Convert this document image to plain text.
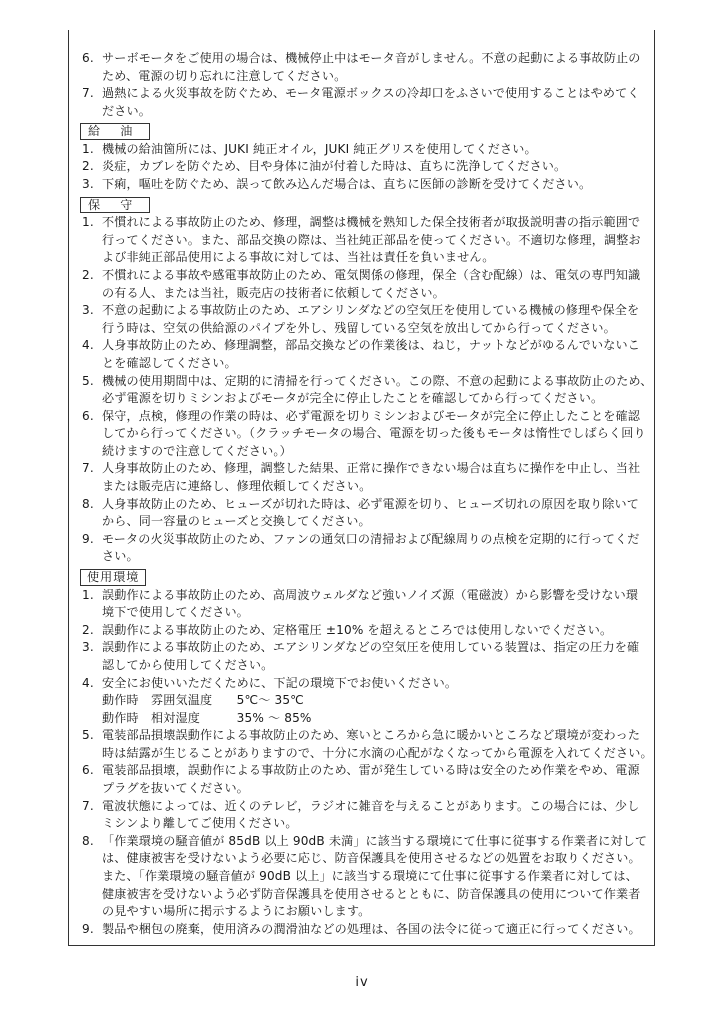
6. サーボモータをご使用の場合は、機械停止中はモータ音がしません。不意の起動による事故防止の
ため、電源の切り忘れに注意してください。
7. 過熱による火災事故を防ぐため、モータ電源ボックスの冷却口をふさいで使用することはやめてく
ださい。
給　油
1. 機械の給油箇所には、JUKI 純正オイル，JUKI 純正グリスを使用してください。
2. 炎症，カブレを防ぐため、目や身体に油が付着した時は、直ちに洗浄してください。
3. 下痢，嘔吐を防ぐため、誤って飲み込んだ場合は、直ちに医師の診断を受けてください。
保　守
1. 不慣れによる事故防止のため、修理，調整は機械を熟知した保全技術者が取扱説明書の指示範囲で
行ってください。また、部品交換の際は、当社純正部品を使ってください。不適切な修理，調整お
よび非純正部品使用による事故に対しては、当社は責任を負いません。
2. 不慣れによる事故や感電事故防止のため、電気関係の修理，保全（含む配線）は、電気の専門知識
の有る人、または当社，販売店の技術者に依頼してください。
3. 不意の起動による事故防止のため、エアシリンダなどの空気圧を使用している機械の修理や保全を
行う時は、空気の供給源のパイプを外し、残留している空気を放出してから行ってください。
4. 人身事故防止のため、修理調整，部品交換などの作業後は、ねじ，ナットなどがゆるんでいないこ
とを確認してください。
5. 機械の使用期間中は、定期的に清掃を行ってください。この際、不意の起動による事故防止のため、
必ず電源を切りミシンおよびモータが完全に停止したことを確認してから行ってください。
6. 保守，点検，修理の作業の時は、必ず電源を切りミシンおよびモータが完全に停止したことを確認
してから行ってください。（クラッチモータの場合、電源を切った後もモータは惰性でしばらく回り
続けますので注意してください。）
7. 人身事故防止のため、修理，調整した結果、正常に操作できない場合は直ちに操作を中止し、当社
または販売店に連絡し、修理依頼してください。
8. 人身事故防止のため、ヒューズが切れた時は、必ず電源を切り、ヒューズ切れの原因を取り除いて
から、同一容量のヒューズと交換してください。
9. モータの火災事故防止のため、ファンの通気口の清掃および配線周りの点検を定期的に行ってくだ
さい。
使用環境
1. 誤動作による事故防止のため、高周波ウェルダなど強いノイズ源（電磁波）から影響を受けない環
境下で使用してください。
2. 誤動作による事故防止のため、定格電圧 ±10% を超えるところでは使用しないでください。
3. 誤動作による事故防止のため、エアシリンダなどの空気圧を使用している装置は、指定の圧力を確
認してから使用してください。
4. 安全にお使いいただくために、下記の環境下でお使いください。
動作時　雰囲気温度　　5℃～ 35℃
動作時　相対湿度　　　35% ～ 85%
5. 電装部品損壊誤動作による事故防止のため、寒いところから急に暖かいところなど環境が変わった
時は結露が生じることがありますので、十分に水滴の心配がなくなってから電源を入れてください。
6. 電装部品損壊，誤動作による事故防止のため、雷が発生している時は安全のため作業をやめ、電源
プラグを抜いてください。
7. 電波状態によっては、近くのテレビ，ラジオに雑音を与えることがあります。この場合には、少し
ミシンより離してご使用ください。
8. 「作業環境の騒音値が 85dB 以上 90dB 未満」に該当する環境にて仕事に従事する作業者に対して
は、健康被害を受けないよう必要に応じ、防音保護具を使用させるなどの処置をお取りください。
また、「作業環境の騒音値が 90dB 以上」に該当する環境にて仕事に従事する作業者に対しては、
健康被害を受けないよう必ず防音保護具を使用させるとともに、防音保護具の使用について作業者
の見やすい場所に掲示するようにお願いします。
9. 製品や梱包の廃棄，使用済みの潤滑油などの処理は、各国の法令に従って適正に行ってください。
iv
